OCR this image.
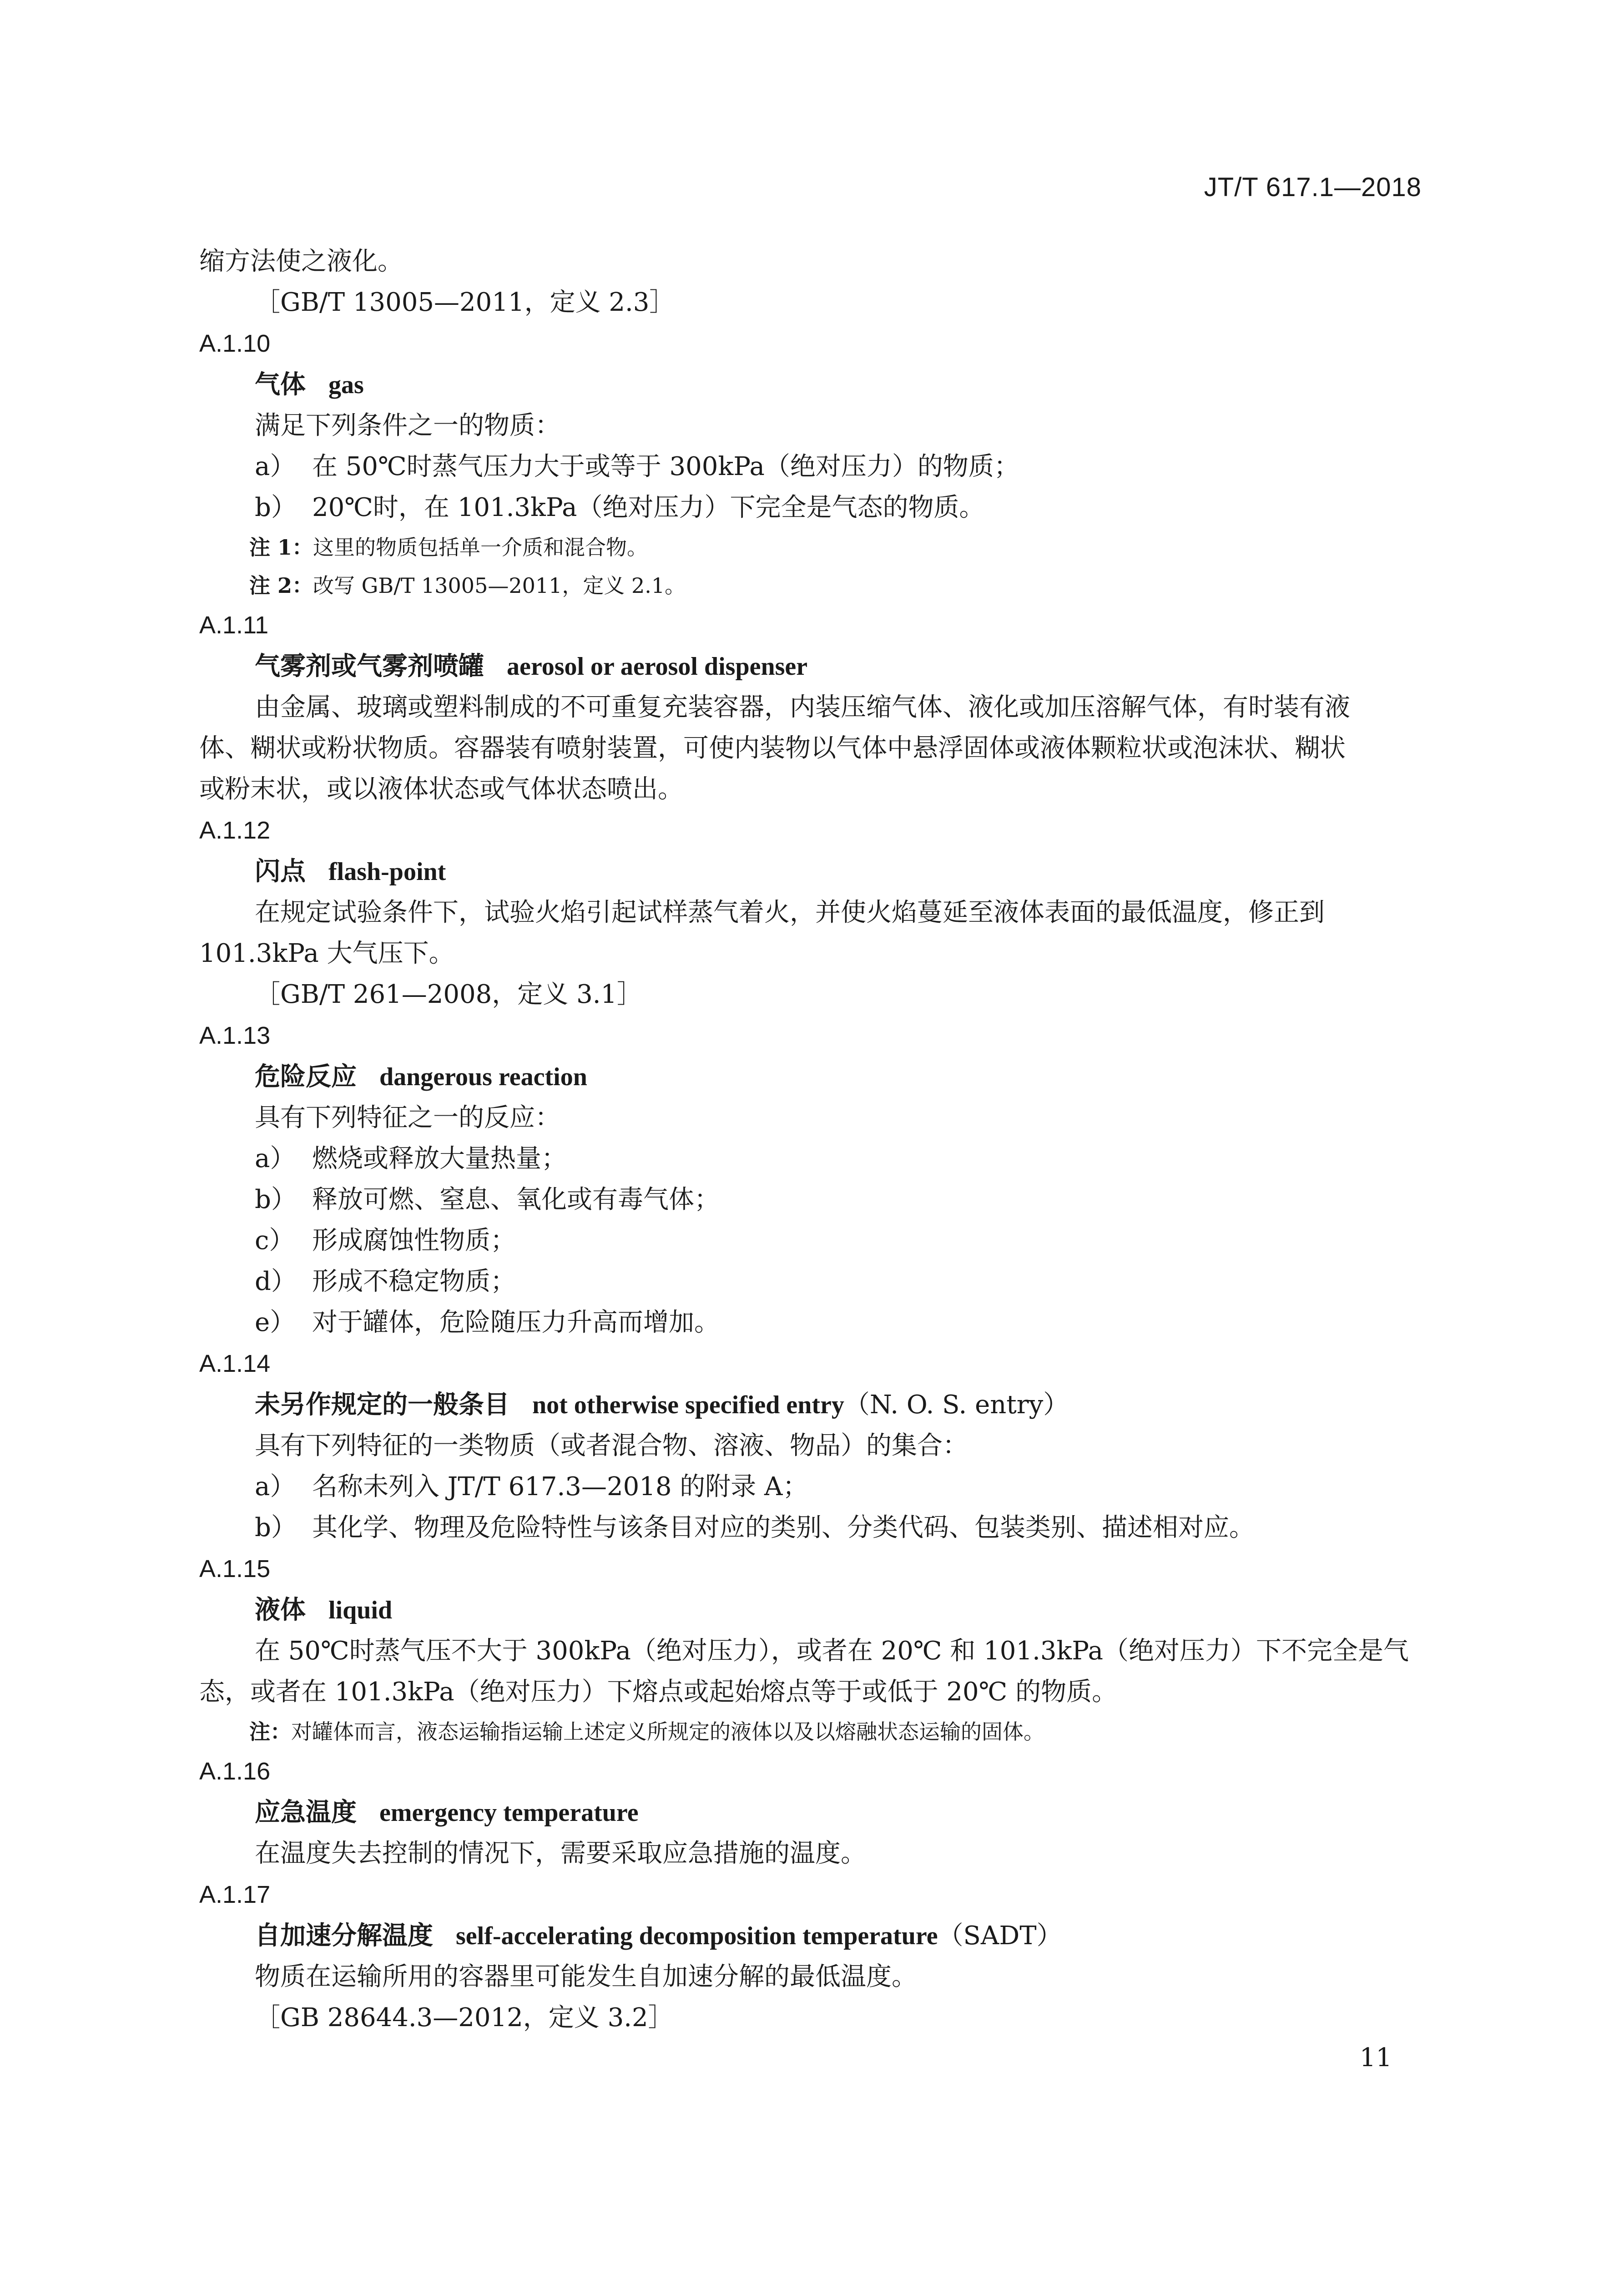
JT/T 617.1—2018
缩方法使之液化。
［GB/T 13005—2011，定义 2.3］
A.1.10
气体 gas
满足下列条件之一的物质：
a） 在 50℃时蒸气压力大于或等于 300kPa（绝对压力）的物质；
b） 20℃时，在 101.3kPa（绝对压力）下完全是气态的物质。
注 1：这里的物质包括单一介质和混合物。
注 2：改写 GB/T 13005—2011，定义 2.1。
A.1.11
气雾剂或气雾剂喷罐 aerosol or aerosol dispenser
由金属、玻璃或塑料制成的不可重复充装容器，内装压缩气体、液化或加压溶解气体，有时装有液
体、糊状或粉状物质。容器装有喷射装置，可使内装物以气体中悬浮固体或液体颗粒状或泡沫状、糊状
或粉末状，或以液体状态或气体状态喷出。
A.1.12
闪点 flash-point
在规定试验条件下，试验火焰引起试样蒸气着火，并使火焰蔓延至液体表面的最低温度，修正到
101.3kPa 大气压下。
［GB/T 261—2008，定义 3.1］
A.1.13
危险反应 dangerous reaction
具有下列特征之一的反应：
a） 燃烧或释放大量热量；
b） 释放可燃、窒息、氧化或有毒气体；
c） 形成腐蚀性物质；
d） 形成不稳定物质；
e） 对于罐体，危险随压力升高而增加。
A.1.14
未另作规定的一般条目 not otherwise specified entry（N. O. S. entry）
具有下列特征的一类物质（或者混合物、溶液、物品）的集合：
a） 名称未列入 JT/T 617.3—2018 的附录 A；
b） 其化学、物理及危险特性与该条目对应的类别、分类代码、包装类别、描述相对应。
A.1.15
液体 liquid
在 50℃时蒸气压不大于 300kPa（绝对压力），或者在 20℃ 和 101.3kPa（绝对压力）下不完全是气
态，或者在 101.3kPa（绝对压力）下熔点或起始熔点等于或低于 20℃ 的物质。
注：对罐体而言，液态运输指运输上述定义所规定的液体以及以熔融状态运输的固体。
A.1.16
应急温度 emergency temperature
在温度失去控制的情况下，需要采取应急措施的温度。
A.1.17
自加速分解温度 self-accelerating decomposition temperature（SADT）
物质在运输所用的容器里可能发生自加速分解的最低温度。
［GB 28644.3—2012，定义 3.2］
11
